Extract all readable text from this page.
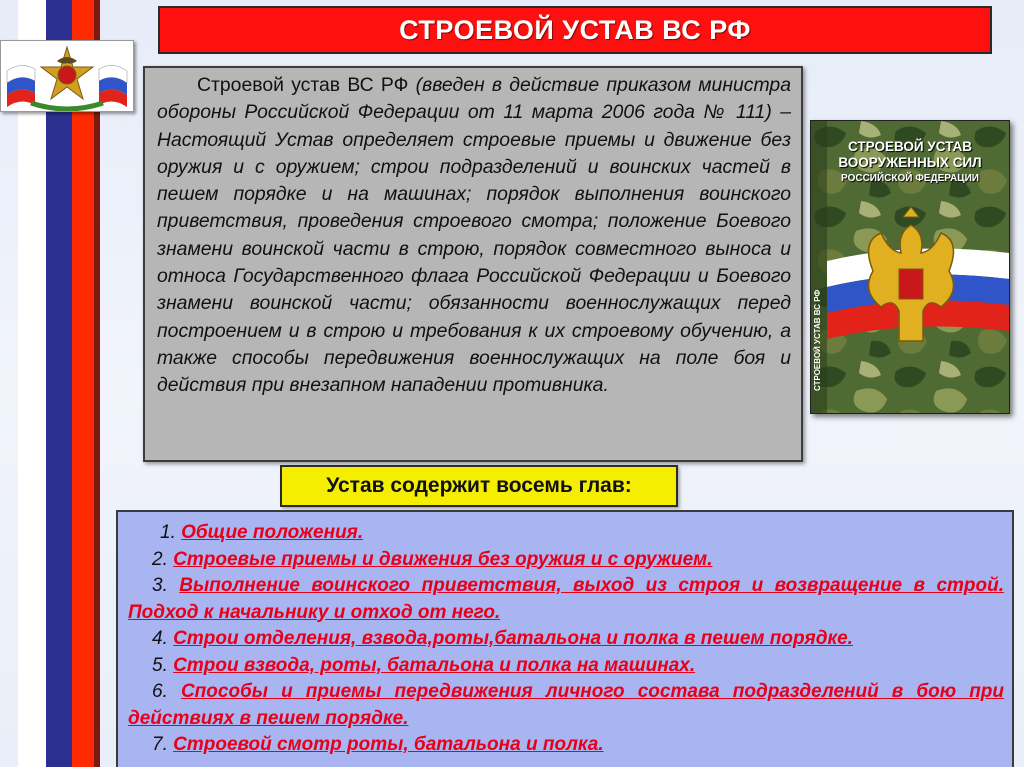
СТРОЕВОЙ УСТАВ ВС РФ

Строевой устав ВС РФ (введен в действие приказом министра обороны Российской Федерации от 11 марта 2006 года № 111) – Настоящий Устав определяет строевые приемы и движение без оружия и с оружием; строи подразделений и воинских частей в пешем порядке и на машинах; порядок выполнения воинского приветствия, проведения строевого смотра; положение Боевого знамени воинской части в строю, порядок совместного выноса и относа Государственного флага Российской Федерации и Боевого знамени воинской части; обязанности военнослужащих перед построением и в строю и требования к их строевому обучению, а также способы передвижения военнослужащих на поле боя и действия при внезапном нападении противника.

СТРОЕВОЙ УСТАВ
ВООРУЖЕННЫХ СИЛ
РОССИЙСКОЙ ФЕДЕРАЦИИ
СТРОЕВОЙ УСТАВ ВС РФ
Устав содержит восемь глав:
1. Общие положения.
2. Строевые приемы и движения без оружия и с оружием.
3. Выполнение воинского приветствия, выход из строя и возвращение в строй. Подход к начальнику и отход от него.
4. Строи отделения, взвода,роты,батальона и полка в пешем порядке.
5. Строи взвода, роты, батальона и полка на машинах.
6. Способы и приемы передвижения личного состава подразделений в бою при действиях в пешем порядке.
7. Строевой смотр роты, батальона и полка.
